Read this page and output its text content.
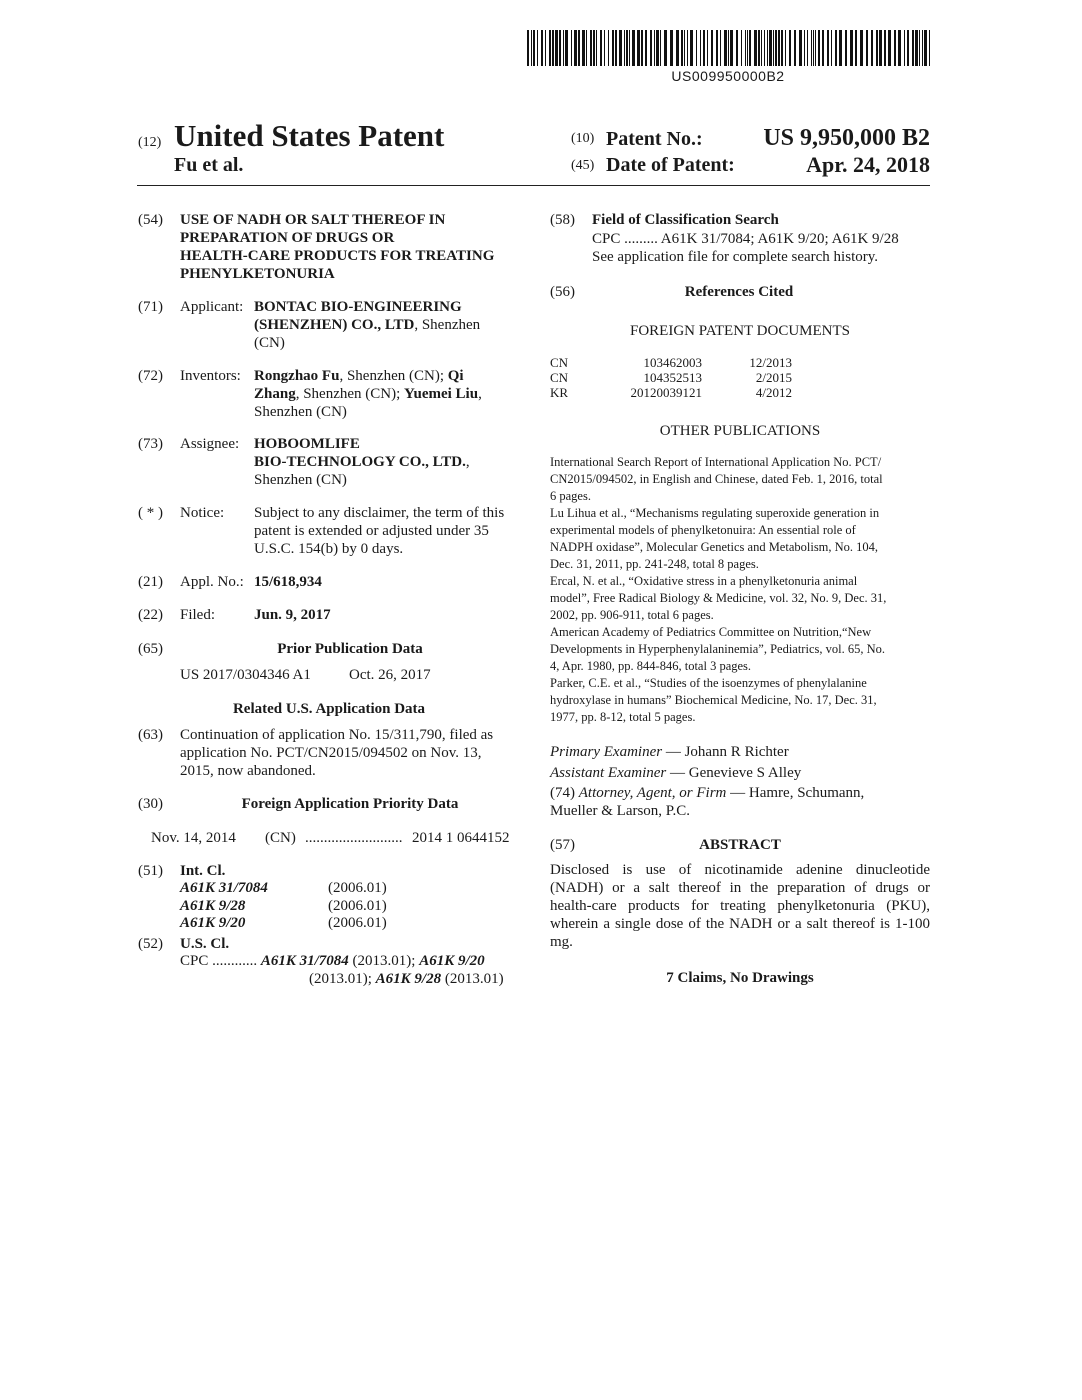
US009950000B2
(12) United States Patent
Fu et al.
(10) Patent No.:	US 9,950,000 B2
(45) Date of Patent:	Apr. 24, 2018
(54) USE OF NADH OR SALT THEREOF IN
PREPARATION OF DRUGS OR
HEALTH-CARE PRODUCTS FOR TREATING
PHENYLKETONURIA
(71) Applicant: BONTAC BIO-ENGINEERING
(SHENZHEN) CO., LTD, Shenzhen
(CN)
(72) Inventors: Rongzhao Fu, Shenzhen (CN); Qi
Zhang, Shenzhen (CN); Yuemei Liu,
Shenzhen (CN)
(73) Assignee: HOBOOMLIFE
BIO-TECHNOLOGY CO., LTD.,
Shenzhen (CN)
( * ) Notice: Subject to any disclaimer, the term of this
patent is extended or adjusted under 35
U.S.C. 154(b) by 0 days.
(21) Appl. No.: 15/618,934
(22) Filed:	Jun. 9, 2017
(65)	Prior Publication Data
US 2017/0304346 A1	Oct. 26, 2017
Related U.S. Application Data
(63) Continuation of application No. 15/311,790, filed as
application No. PCT/CN2015/094502 on Nov. 13,
2015, now abandoned.
(30)	Foreign Application Priority Data
Nov. 14, 2014 (CN) .......................... 2014 1 0644152
(51) Int. Cl.
A61K 31/7084	(2006.01)
A61K 9/28	(2006.01)
A61K 9/20	(2006.01)
(52) U.S. Cl.
CPC ............ A61K 31/7084 (2013.01); A61K 9/20
(2013.01); A61K 9/28 (2013.01)
(58) Field of Classification Search
CPC ......... A61K 31/7084; A61K 9/20; A61K 9/28
See application file for complete search history.
(56)	References Cited
FOREIGN PATENT DOCUMENTS
CN	103462003	12/2013
CN	104352513	2/2015
KR	20120039121	4/2012
OTHER PUBLICATIONS
International Search Report of International Application No. PCT/
CN2015/094502, in English and Chinese, dated Feb. 1, 2016, total
6 pages.
Lu Lihua et al., “Mechanisms regulating superoxide generation in
experimental models of phenylketonuira: An essential role of
NADPH oxidase”, Molecular Genetics and Metabolism, No. 104,
Dec. 31, 2011, pp. 241-248, total 8 pages.
Ercal, N. et al., “Oxidative stress in a phenylketonuria animal
model”, Free Radical Biology & Medicine, vol. 32, No. 9, Dec. 31,
2002, pp. 906-911, total 6 pages.
American Academy of Pediatrics Committee on Nutrition,“New
Developments in Hyperphenylalaninemia”, Pediatrics, vol. 65, No.
4, Apr. 1980, pp. 844-846, total 3 pages.
Parker, C.E. et al., “Studies of the isoenzymes of phenylalanine
hydroxylase in humans” Biochemical Medicine, No. 17, Dec. 31,
1977, pp. 8-12, total 5 pages.
Primary Examiner — Johann R Richter
Assistant Examiner — Genevieve S Alley
(74) Attorney, Agent, or Firm — Hamre, Schumann,
Mueller & Larson, P.C.
(57)	ABSTRACT
Disclosed is use of nicotinamide adenine dinucleotide
(NADH) or a salt thereof in the preparation of drugs or
health-care products for treating phenylketonuria (PKU),
wherein a single dose of the NADH or a salt thereof is 1-100
mg.
7 Claims, No Drawings
